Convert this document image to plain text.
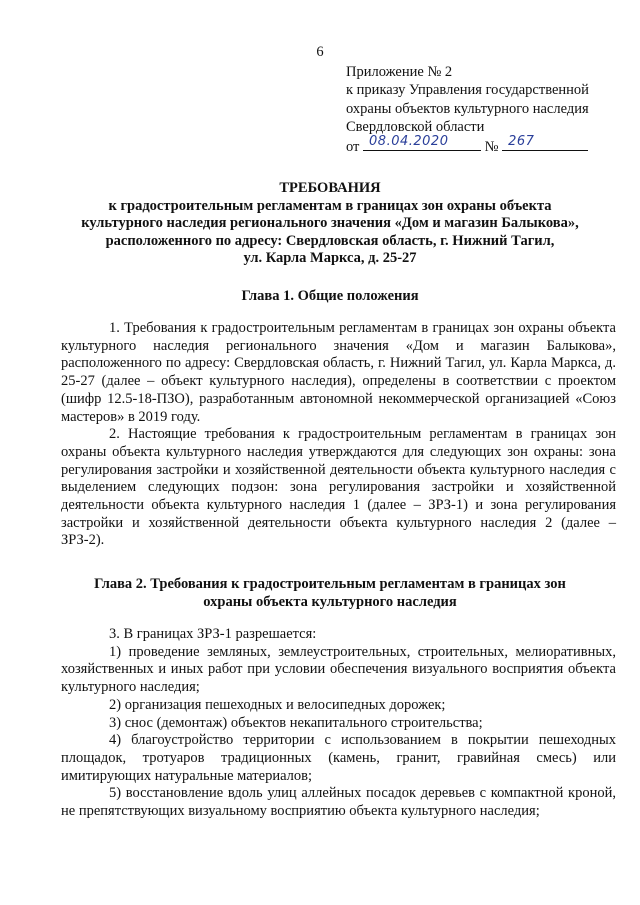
6
Приложение № 2
к приказу Управления государственной
охраны объектов культурного наследия
Свердловской области
от 08.04.2020 № 267
ТРЕБОВАНИЯ
к градостроительным регламентам в границах зон охраны объекта
культурного наследия регионального значения «Дом и магазин Балыкова»,
расположенного по адресу: Свердловская область, г. Нижний Тагил,
ул. Карла Маркса, д. 25-27
Глава 1. Общие положения

1. Требования к градостроительным регламентам в границах зон охраны объекта культурного наследия регионального значения «Дом и магазин Балыкова», расположенного по адресу: Свердловская область, г. Нижний Тагил, ул. Карла Маркса, д. 25-27 (далее – объект культурного наследия), определены в соответствии с проектом (шифр 12.5-18-ПЗО), разработанным автономной некоммерческой организацией «Союз мастеров» в 2019 году.

2. Настоящие требования к градостроительным регламентам в границах зон охраны объекта культурного наследия утверждаются для следующих зон охраны: зона регулирования застройки и хозяйственной деятельности объекта культурного наследия с выделением следующих подзон: зона регулирования застройки и хозяйственной деятельности объекта культурного наследия 1 (далее – ЗРЗ-1) и зона регулирования застройки и хозяйственной деятельности объекта культурного наследия 2 (далее – ЗРЗ-2).

Глава 2. Требования к градостроительным регламентам в границах зон
охраны объекта культурного наследия

3. В границах ЗРЗ-1 разрешается:

1) проведение земляных, землеустроительных, строительных, мелиоративных, хозяйственных и иных работ при условии обеспечения визуального восприятия объекта культурного наследия;

2) организация пешеходных и велосипедных дорожек;

3) снос (демонтаж) объектов некапитального строительства;

4) благоустройство территории с использованием в покрытии пешеходных площадок, тротуаров традиционных (камень, гранит, гравийная смесь) или имитирующих натуральные материалов;

5) восстановление вдоль улиц аллейных посадок деревьев с компактной кроной, не препятствующих визуальному восприятию объекта культурного наследия;
